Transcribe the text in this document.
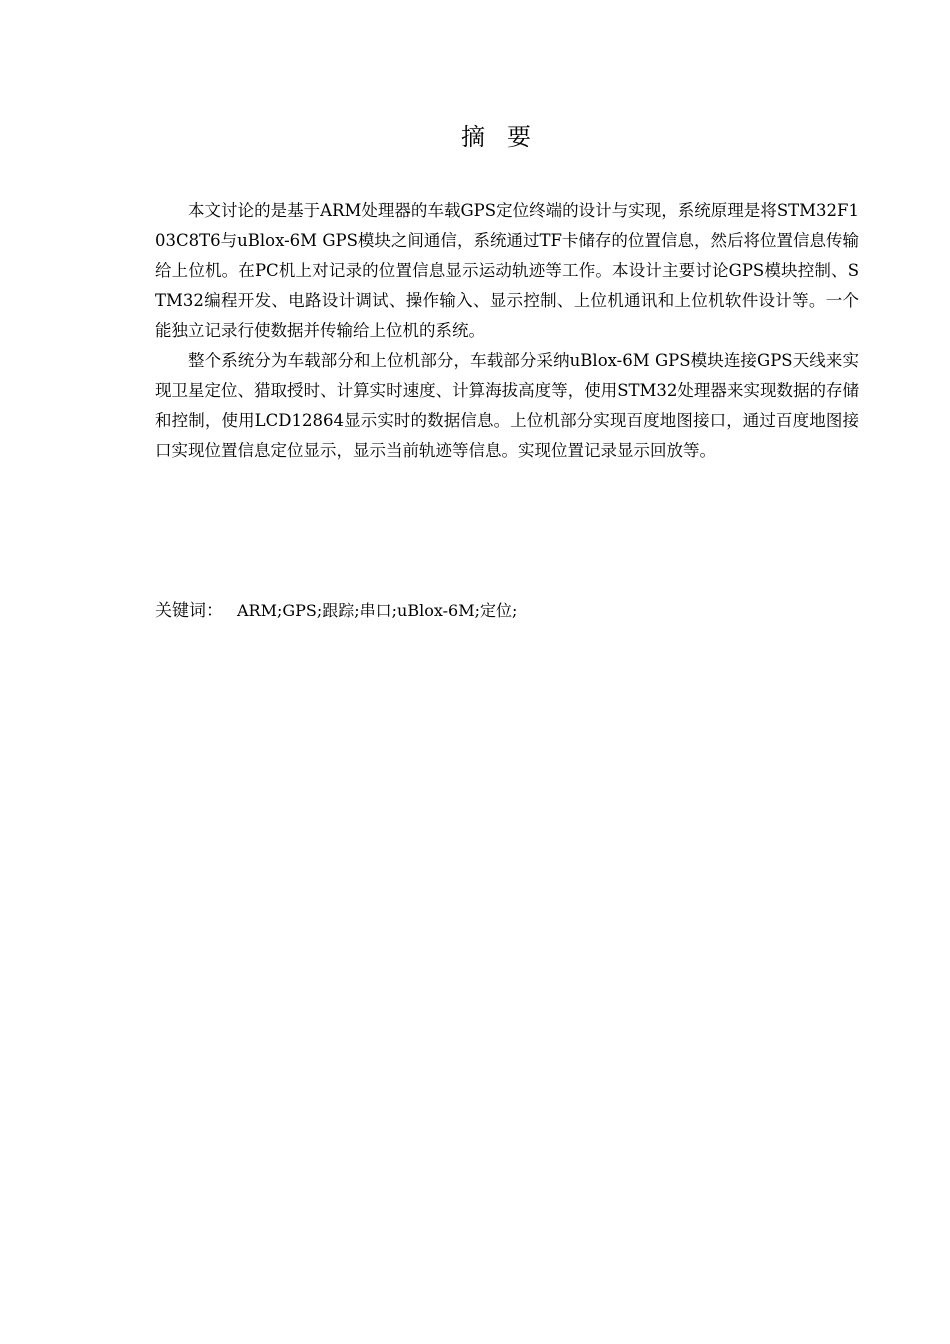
摘要

本文讨论的是基于ARM处理器的车载GPS定位终端的设计与实现，系统原理是将STM32F103C8T6与uBlox-6M GPS模块之间通信，系统通过TF卡储存的位置信息，然后将位置信息传输给上位机。在PC机上对记录的位置信息显示运动轨迹等工作。本设计主要讨论GPS模块控制、STM32编程开发、电路设计调试、操作输入、显示控制、上位机通讯和上位机软件设计等。一个能独立记录行使数据并传输给上位机的系统。

整个系统分为车载部分和上位机部分，车载部分采纳uBlox-6M GPS模块连接GPS天线来实现卫星定位、猎取授时、计算实时速度、计算海拔高度等，使用STM32处理器来实现数据的存储和控制，使用LCD12864显示实时的数据信息。上位机部分实现百度地图接口，通过百度地图接口实现位置信息定位显示，显示当前轨迹等信息。实现位置记录显示回放等。

关键词： ARM;GPS;跟踪;串口;uBlox-6M;定位;
